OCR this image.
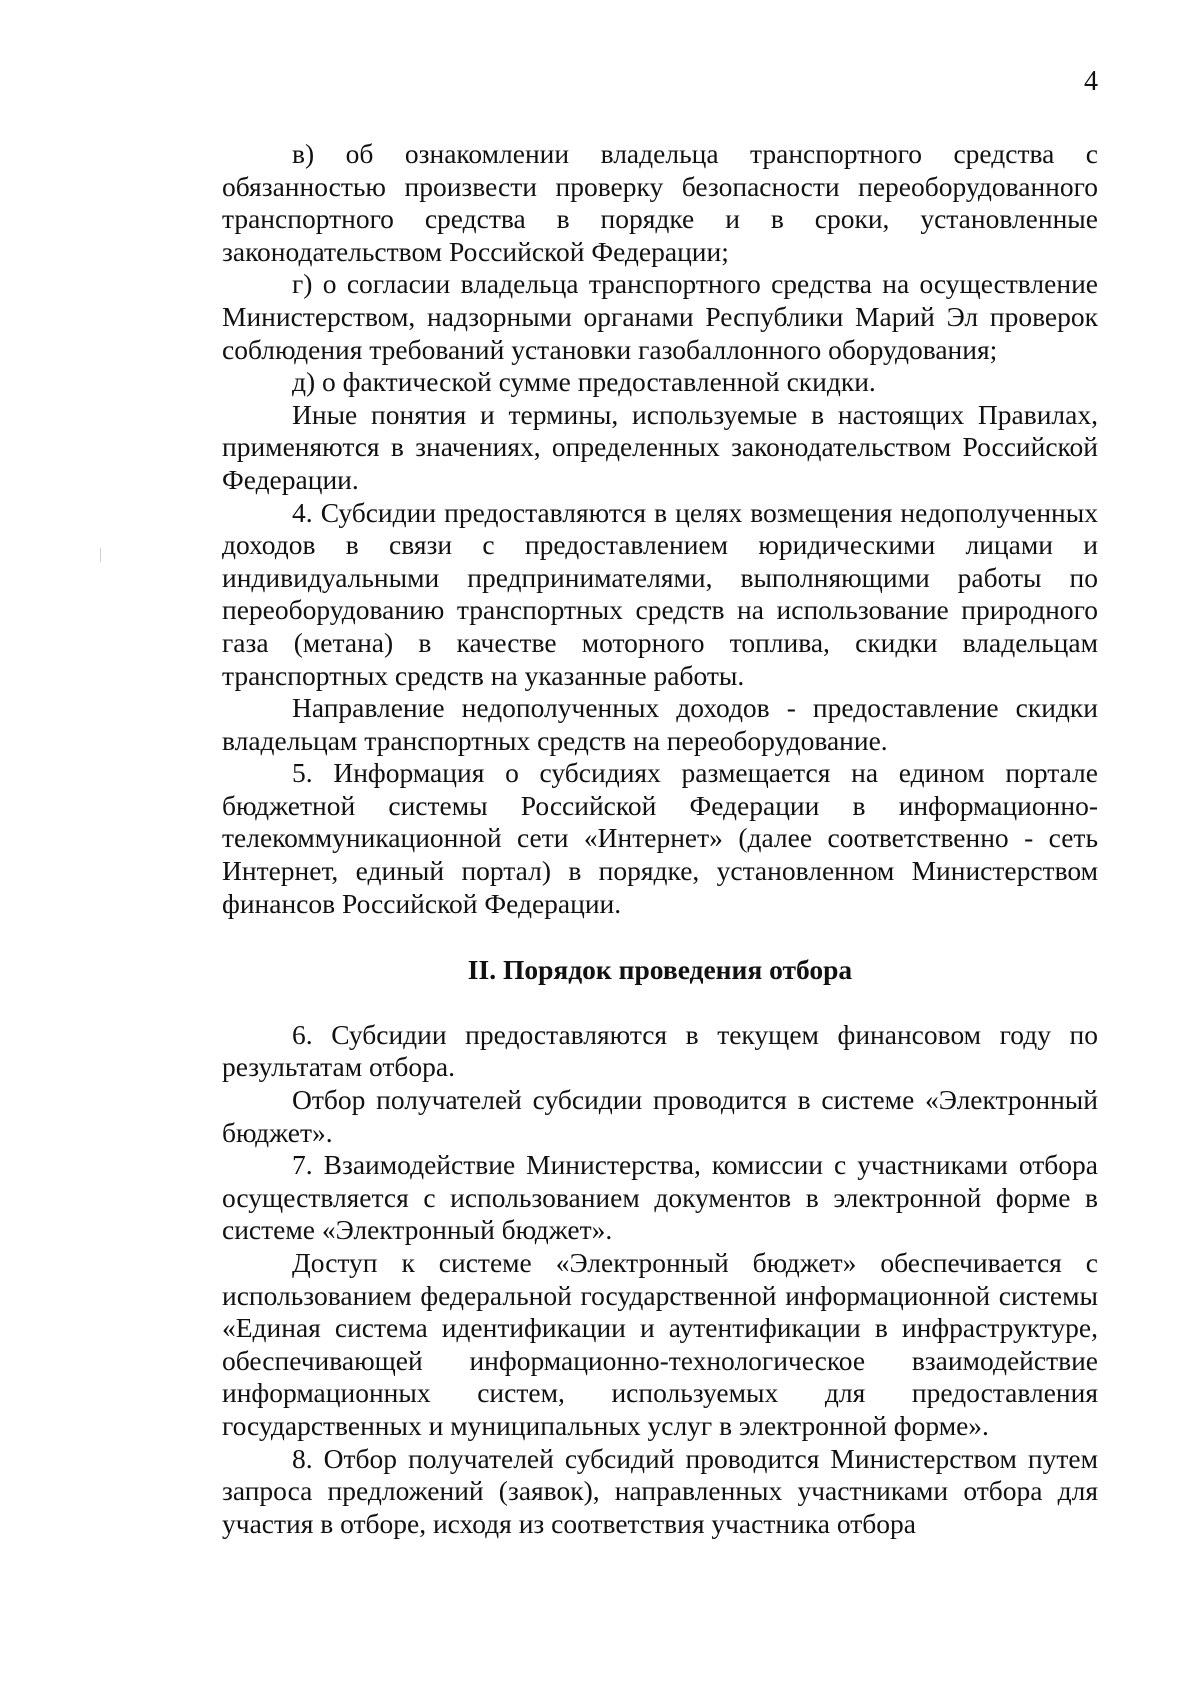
4

в) об ознакомлении владельца транспортного средства с обязанностью произвести проверку безопасности переоборудованного транспортного средства в порядке и в сроки, установленные законодательством Российской Федерации;

г) о согласии владельца транспортного средства на осуществление Министерством, надзорными органами Республики Марий Эл проверок соблюдения требований установки газобаллонного оборудования;

д) о фактической сумме предоставленной скидки.

Иные понятия и термины, используемые в настоящих Правилах, применяются в значениях, определенных законодательством Российской Федерации.

4. Субсидии предоставляются в целях возмещения недополученных доходов в связи с предоставлением юридическими лицами и индивидуальными предпринимателями, выполняющими работы по переоборудованию транспортных средств на использование природного газа (метана) в качестве моторного топлива, скидки владельцам транспортных средств на указанные работы.

Направление недополученных доходов - предоставление скидки владельцам транспортных средств на переоборудование.

5. Информация о субсидиях размещается на едином портале бюджетной системы Российской Федерации в информационно-телекоммуникационной сети «Интернет» (далее соответственно - сеть Интернет, единый портал) в порядке, установленном Министерством финансов Российской Федерации.

II. Порядок проведения отбора

6. Субсидии предоставляются в текущем финансовом году по результатам отбора.

Отбор получателей субсидии проводится в системе «Электронный бюджет».

7. Взаимодействие Министерства, комиссии с участниками отбора осуществляется с использованием документов в электронной форме в системе «Электронный бюджет».

Доступ к системе «Электронный бюджет» обеспечивается с использованием федеральной государственной информационной системы «Единая система идентификации и аутентификации в инфраструктуре, обеспечивающей информационно-технологическое взаимодействие информационных систем, используемых для предоставления государственных и муниципальных услуг в электронной форме».

8. Отбор получателей субсидий проводится Министерством путем запроса предложений (заявок), направленных участниками отбора для участия в отборе, исходя из соответствия участника отбора
